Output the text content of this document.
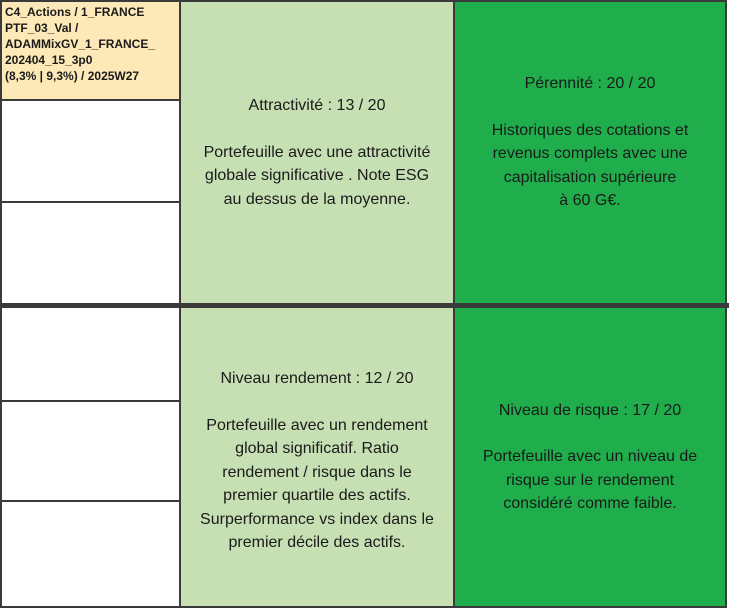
C4_Actions / 1_FRANCE
PTF_03_Val /
ADAMMixGV_1_FRANCE_
202404_15_3p0
(8,3% | 9,3%) / 2025W27
Attractivité : 13 / 20
Portefeuille avec une attractivité
globale significative . Note ESG
au dessus de la moyenne.
Pérennité : 20 / 20
Historiques des cotations et
revenus complets avec une
capitalisation supérieure
à 60 G€.
Niveau rendement : 12 / 20
Portefeuille avec un rendement
global significatif. Ratio
rendement / risque dans le
premier quartile des actifs.
Surperformance vs index dans le
premier décile des actifs.
Niveau de risque : 17 / 20
Portefeuille avec un niveau de
risque sur le rendement
considéré comme faible.
